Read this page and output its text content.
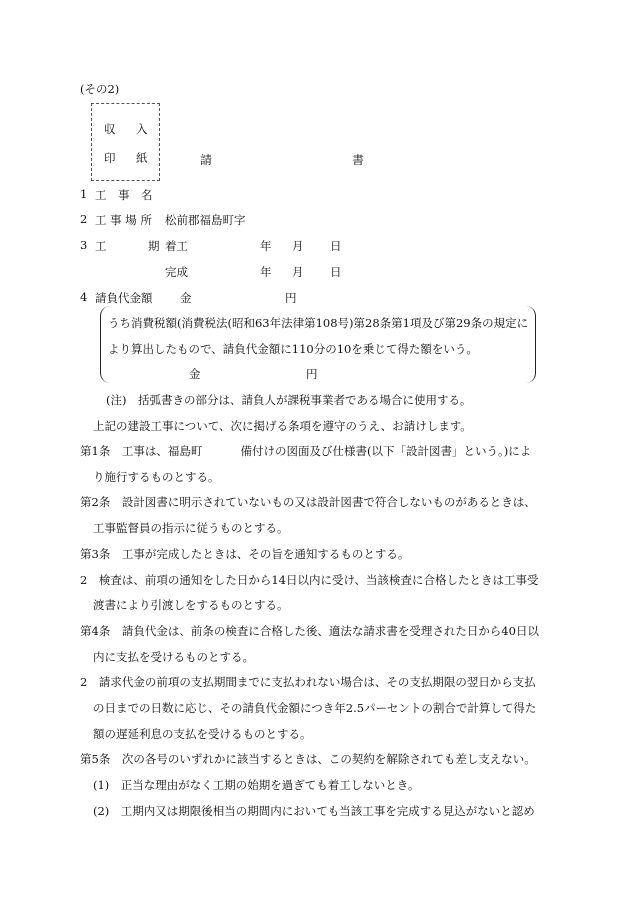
(その2)
収 入
印 紙	請	書
1 工　事　名
2 工 事 場 所 松前郡福島町字
3 工	期 着工	年 月 日
完成	年 月 日
4 請負代金額 金	円
うち消費税額(消費税法(昭和63年法律第108号)第28条第1項及び第29条の規定に
より算出したもので、請負代金額に110分の10を乗じて得た額をいう。
金	円
(注)　括弧書きの部分は、請負人が課税事業者である場合に使用する。
上記の建設工事について、次に掲げる条項を遵守のうえ、お請けします。
第1条　工事は、福島町　　　 備付けの図面及び仕様書(以下「設計図書」という。)によ
り施行するものとする。
第2条　設計図書に明示されていないもの又は設計図書で符合しないものがあるときは、
工事監督員の指示に従うものとする。
第3条　工事が完成したときは、その旨を通知するものとする。
2　検査は、前項の通知をした日から14日以内に受け、当該検査に合格したときは工事受
渡書により引渡しをするものとする。
第4条　請負代金は、前条の検査に合格した後、適法な請求書を受理された日から40日以
内に支払を受けるものとする。
2　請求代金の前項の支払期間までに支払われない場合は、その支払期限の翌日から支払
の日までの日数に応じ、その請負代金額につき年2.5パーセントの割合で計算して得た
額の遅延利息の支払を受けるものとする。
第5条　次の各号のいずれかに該当するときは、この契約を解除されても差し支えない。
(1)　正当な理由がなく工期の始期を過ぎても着工しないとき。
(2)　工期内又は期限後相当の期間内においても当該工事を完成する見込がないと認め
